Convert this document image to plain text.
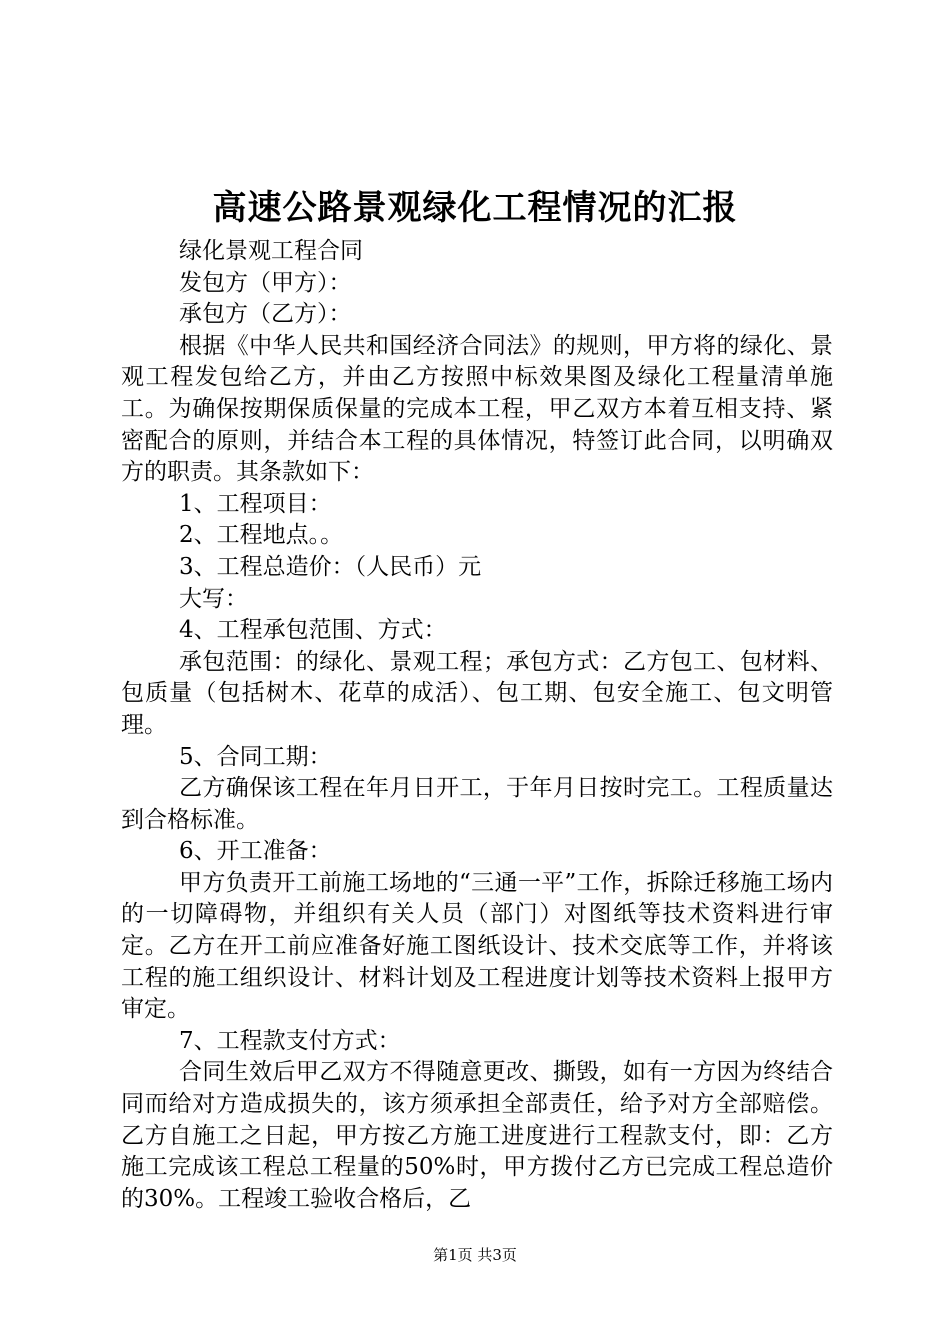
高速公路景观绿化工程情况的汇报

绿化景观工程合同

发包方（甲方）：

承包方（乙方）：

根据《中华人民共和国经济合同法》的规则，甲方将的绿化、景观工程发包给乙方，并由乙方按照中标效果图及绿化工程量清单施工。为确保按期保质保量的完成本工程，甲乙双方本着互相支持、紧密配合的原则，并结合本工程的具体情况，特签订此合同，以明确双方的职责。其条款如下：

1、工程项目：

2、工程地点。。

3、工程总造价：（人民币）元

大写：

4、工程承包范围、方式：

承包范围：的绿化、景观工程；承包方式：乙方包工、包材料、包质量（包括树木、花草的成活）、包工期、包安全施工、包文明管理。

5、合同工期：

乙方确保该工程在年月日开工，于年月日按时完工。工程质量达到合格标准。

6、开工准备：

甲方负责开工前施工场地的“三通一平”工作，拆除迁移施工场内的一切障碍物，并组织有关人员（部门）对图纸等技术资料进行审定。乙方在开工前应准备好施工图纸设计、技术交底等工作，并将该工程的施工组织设计、材料计划及工程进度计划等技术资料上报甲方审定。

7、工程款支付方式：

合同生效后甲乙双方不得随意更改、撕毁，如有一方因为终结合同而给对方造成损失的，该方须承担全部责任，给予对方全部赔偿。乙方自施工之日起，甲方按乙方施工进度进行工程款支付，即：乙方施工完成该工程总工程量的50%时，甲方拨付乙方已完成工程总造价的30%。工程竣工验收合格后，乙

第1页 共3页
